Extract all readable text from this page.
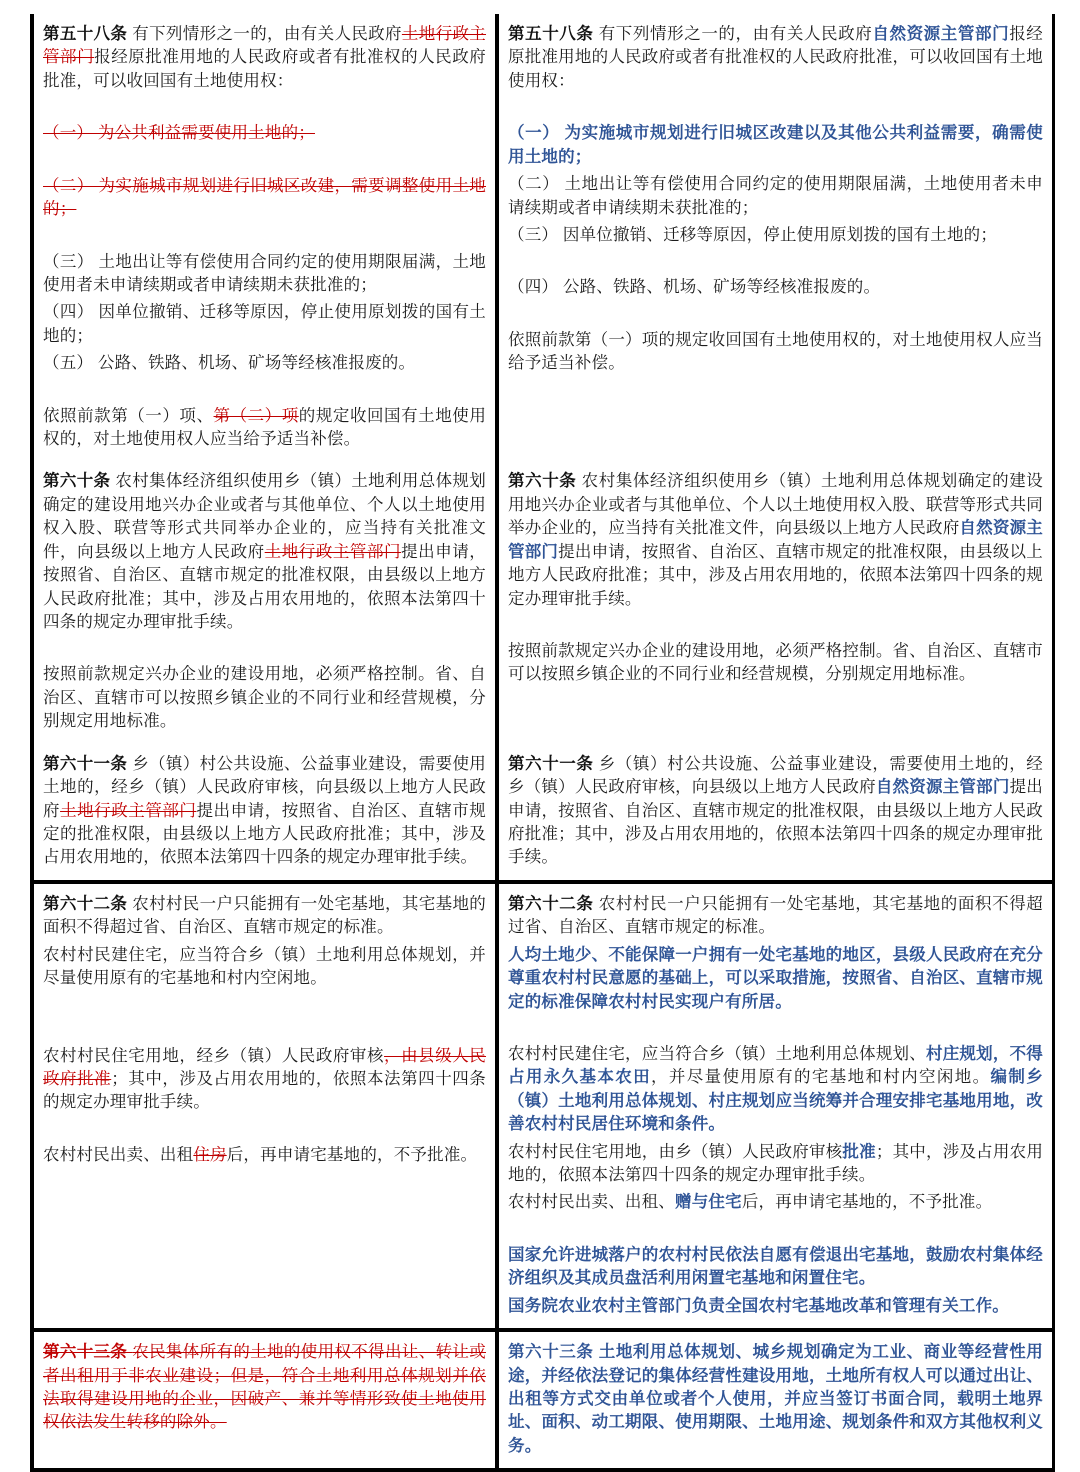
第五十八条 有下列情形之一的，由有关人民政府土地行政主管部门报经原批准用地的人民政府或者有批准权的人民政府批准，可以收回国有土地使用权：
（一） 为公共利益需要使用土地的；
（二） 为实施城市规划进行旧城区改建，需要调整使用土地的；
（三） 土地出让等有偿使用合同约定的使用期限届满，土地使用者未申请续期或者申请续期未获批准的；
（四） 因单位撤销、迁移等原因，停止使用原划拨的国有土地的；
（五） 公路、铁路、机场、矿场等经核准报废的。
依照前款第（一）项、第（二）项的规定收回国有土地使用权的，对土地使用权人应当给予适当补偿。
第五十八条 有下列情形之一的，由有关人民政府自然资源主管部门报经原批准用地的人民政府或者有批准权的人民政府批准，可以收回国有土地使用权：
（一） 为实施城市规划进行旧城区改建以及其他公共利益需要，确需使用土地的；
（二） 土地出让等有偿使用合同约定的使用期限届满，土地使用者未申请续期或者申请续期未获批准的；
（三） 因单位撤销、迁移等原因，停止使用原划拨的国有土地的；
（四） 公路、铁路、机场、矿场等经核准报废的。
依照前款第（一）项的规定收回国有土地使用权的，对土地使用权人应当给予适当补偿。
第六十条 农村集体经济组织使用乡（镇）土地利用总体规划确定的建设用地兴办企业或者与其他单位、个人以土地使用权入股、联营等形式共同举办企业的，应当持有关批准文件，向县级以上地方人民政府土地行政主管部门提出申请，按照省、自治区、直辖市规定的批准权限，由县级以上地方人民政府批准；其中，涉及占用农用地的，依照本法第四十四条的规定办理审批手续。
按照前款规定兴办企业的建设用地，必须严格控制。省、自治区、直辖市可以按照乡镇企业的不同行业和经营规模，分别规定用地标准。
第六十条 农村集体经济组织使用乡（镇）土地利用总体规划确定的建设用地兴办企业或者与其他单位、个人以土地使用权入股、联营等形式共同举办企业的，应当持有关批准文件，向县级以上地方人民政府自然资源主管部门提出申请，按照省、自治区、直辖市规定的批准权限，由县级以上地方人民政府批准；其中，涉及占用农用地的，依照本法第四十四条的规定办理审批手续。
按照前款规定兴办企业的建设用地，必须严格控制。省、自治区、直辖市可以按照乡镇企业的不同行业和经营规模，分别规定用地标准。
第六十一条 乡（镇）村公共设施、公益事业建设，需要使用土地的，经乡（镇）人民政府审核，向县级以上地方人民政府土地行政主管部门提出申请，按照省、自治区、直辖市规定的批准权限，由县级以上地方人民政府批准；其中，涉及占用农用地的，依照本法第四十四条的规定办理审批手续。
第六十一条 乡（镇）村公共设施、公益事业建设，需要使用土地的，经乡（镇）人民政府审核，向县级以上地方人民政府自然资源主管部门提出申请，按照省、自治区、直辖市规定的批准权限，由县级以上地方人民政府批准；其中，涉及占用农用地的，依照本法第四十四条的规定办理审批手续。
第六十二条 农村村民一户只能拥有一处宅基地，其宅基地的面积不得超过省、自治区、直辖市规定的标准。
农村村民建住宅，应当符合乡（镇）土地利用总体规划，并尽量使用原有的宅基地和村内空闲地。
农村村民住宅用地，经乡（镇）人民政府审核，由县级人民政府批准；其中，涉及占用农用地的，依照本法第四十四条的规定办理审批手续。
农村村民出卖、出租住房后，再申请宅基地的，不予批准。
第六十二条 农村村民一户只能拥有一处宅基地，其宅基地的面积不得超过省、自治区、直辖市规定的标准。
人均土地少、不能保障一户拥有一处宅基地的地区，县级人民政府在充分尊重农村村民意愿的基础上，可以采取措施，按照省、自治区、直辖市规定的标准保障农村村民实现户有所居。
农村村民建住宅，应当符合乡（镇）土地利用总体规划、村庄规划，不得占用永久基本农田，并尽量使用原有的宅基地和村内空闲地。编制乡（镇）土地利用总体规划、村庄规划应当统筹并合理安排宅基地用地，改善农村村民居住环境和条件。
农村村民住宅用地，由乡（镇）人民政府审核批准；其中，涉及占用农用地的，依照本法第四十四条的规定办理审批手续。
农村村民出卖、出租、赠与住宅后，再申请宅基地的，不予批准。
国家允许进城落户的农村村民依法自愿有偿退出宅基地，鼓励农村集体经济组织及其成员盘活利用闲置宅基地和闲置住宅。
国务院农业农村主管部门负责全国农村宅基地改革和管理有关工作。
第六十三条 农民集体所有的土地的使用权不得出让、转让或者出租用于非农业建设；但是，符合土地利用总体规划并依法取得建设用地的企业，因破产、兼并等情形致使土地使用权依法发生转移的除外。
第六十三条 土地利用总体规划、城乡规划确定为工业、商业等经营性用途，并经依法登记的集体经营性建设用地，土地所有权人可以通过出让、出租等方式交由单位或者个人使用，并应当签订书面合同，载明土地界址、面积、动工期限、使用期限、土地用途、规划条件和双方其他权利义务。
